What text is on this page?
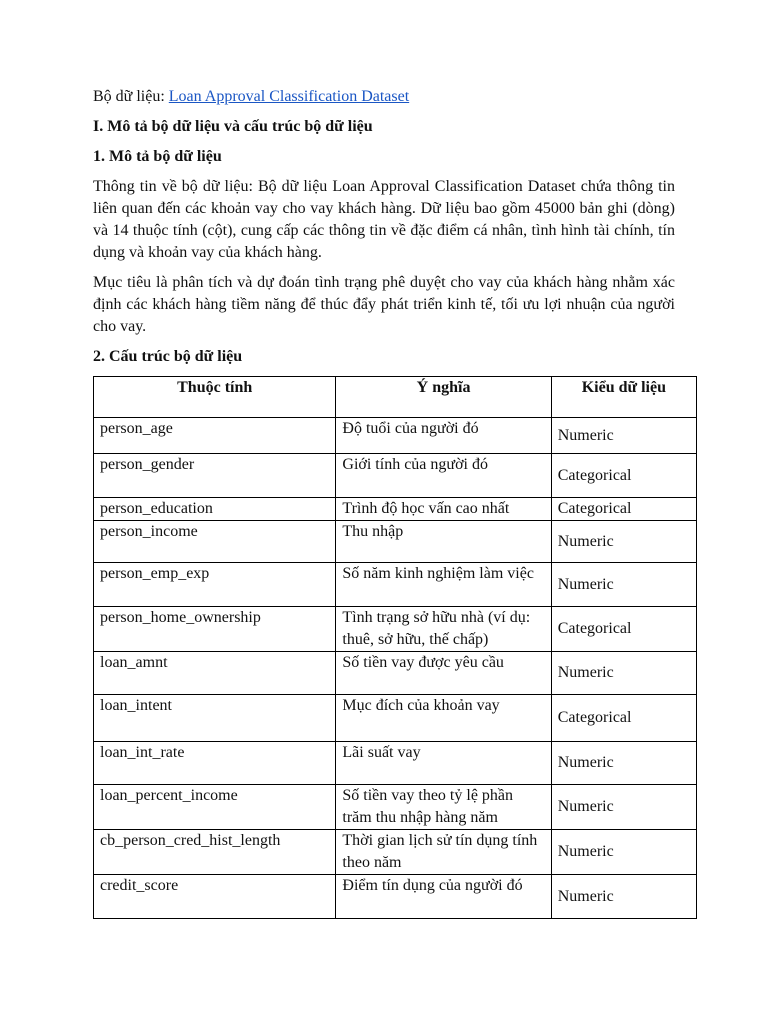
Bộ dữ liệu: Loan Approval Classification Dataset

I. Mô tả bộ dữ liệu và cấu trúc bộ dữ liệu

1. Mô tả bộ dữ liệu

Thông tin về bộ dữ liệu: Bộ dữ liệu Loan Approval Classification Dataset chứa thông tin liên quan đến các khoản vay cho vay khách hàng. Dữ liệu bao gồm 45000 bản ghi (dòng) và 14 thuộc tính (cột), cung cấp các thông tin về đặc điểm cá nhân, tình hình tài chính, tín dụng và khoản vay của khách hàng.

Mục tiêu là phân tích và dự đoán tình trạng phê duyệt cho vay của khách hàng nhằm xác định các khách hàng tiềm năng để thúc đẩy phát triển kinh tế, tối ưu lợi nhuận của người cho vay.

2. Cấu trúc bộ dữ liệu

Thuộc tính	Ý nghĩa	Kiểu dữ liệu
person_age	Độ tuổi của người đó	Numeric
person_gender	Giới tính của người đó	Categorical
person_education	Trình độ học vấn cao nhất	Categorical
person_income	Thu nhập	Numeric
person_emp_exp	Số năm kinh nghiệm làm việc	Numeric
person_home_ownership	Tình trạng sở hữu nhà (ví dụ: thuê, sở hữu, thế chấp)	Categorical
loan_amnt	Số tiền vay được yêu cầu	Numeric
loan_intent	Mục đích của khoản vay	Categorical
loan_int_rate	Lãi suất vay	Numeric
loan_percent_income	Số tiền vay theo tỷ lệ phần trăm thu nhập hàng năm	Numeric
cb_person_cred_hist_length	Thời gian lịch sử tín dụng tính theo năm	Numeric
credit_score	Điểm tín dụng của người đó	Numeric
